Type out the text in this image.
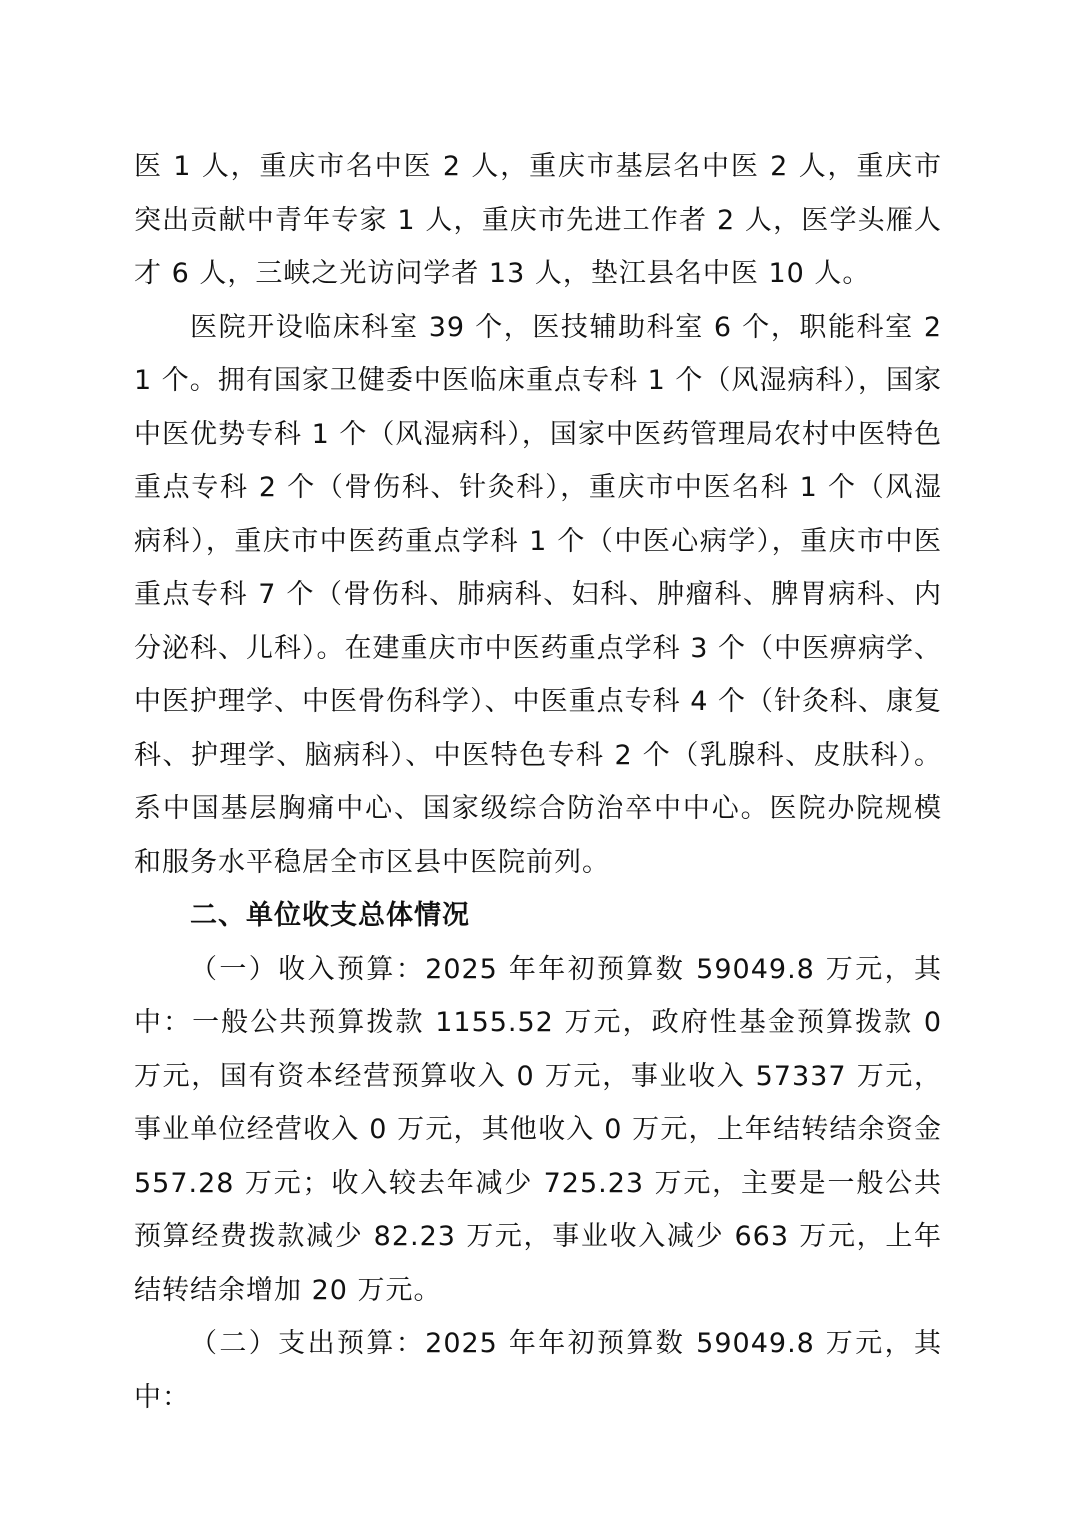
医 1 人，重庆市名中医 2 人，重庆市基层名中医 2 人，重庆市突出贡献中青年专家 1 人，重庆市先进工作者 2 人，医学头雁人才 6 人，三峡之光访问学者 13 人，垫江县名中医 10 人。

医院开设临床科室 39 个，医技辅助科室 6 个，职能科室 21 个。拥有国家卫健委中医临床重点专科 1 个（风湿病科），国家中医优势专科 1 个（风湿病科），国家中医药管理局农村中医特色重点专科 2 个（骨伤科、针灸科），重庆市中医名科 1 个（风湿病科），重庆市中医药重点学科 1 个（中医心病学），重庆市中医重点专科 7 个（骨伤科、肺病科、妇科、肿瘤科、脾胃病科、内分泌科、儿科）。在建重庆市中医药重点学科 3 个（中医痹病学、中医护理学、中医骨伤科学）、中医重点专科 4 个（针灸科、康复科、护理学、脑病科）、中医特色专科 2 个（乳腺科、皮肤科）。系中国基层胸痛中心、国家级综合防治卒中中心。医院办院规模和服务水平稳居全市区县中医院前列。

二、单位收支总体情况

（一）收入预算：2025 年年初预算数 59049.8 万元，其中：一般公共预算拨款 1155.52 万元，政府性基金预算拨款 0 万元，国有资本经营预算收入 0 万元，事业收入 57337 万元，事业单位经营收入 0 万元，其他收入 0 万元，上年结转结余资金 557.28 万元；收入较去年减少 725.23 万元，主要是一般公共预算经费拨款减少 82.23 万元，事业收入减少 663 万元，上年结转结余增加 20 万元。

（二）支出预算：2025 年年初预算数 59049.8 万元，其中：
